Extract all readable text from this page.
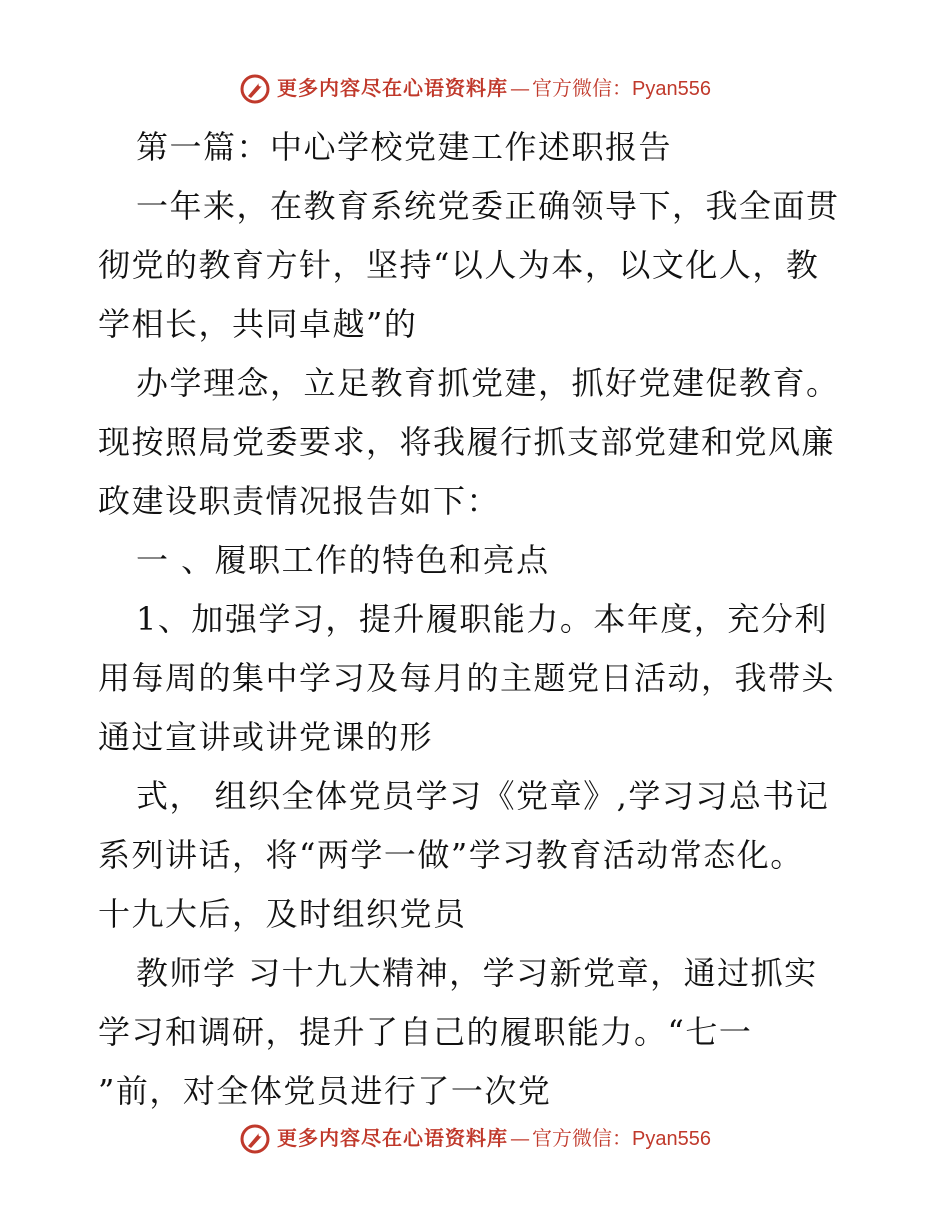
更多内容尽在心语资料库 — 官方微信： Pyan556
第一篇：中心学校党建工作述职报告
一年来，在教育系统党委正确领导下，我全面贯
彻党的教育方针，坚持“以人为本，以文化人，教
学相长，共同卓越”的
办学理念，立足教育抓党建，抓好党建促教育。
现按照局党委要求，将我履行抓支部党建和党风廉
政建设职责情况报告如下：
一 、履职工作的特色和亮点
1、加强学习，提升履职能力。本年度，充分利
用每周的集中学习及每月的主题党日活动，我带头
通过宣讲或讲党课的形
式， 组织全体党员学习《党章》,学习习总书记
系列讲话，将“两学一做”学习教育活动常态化。
十九大后，及时组织党员
教师学 习十九大精神，学习新党章，通过抓实
学习和调研，提升了自己的履职能力。“七一
”前，对全体党员进行了一次党
更多内容尽在心语资料库 — 官方微信： Pyan556
